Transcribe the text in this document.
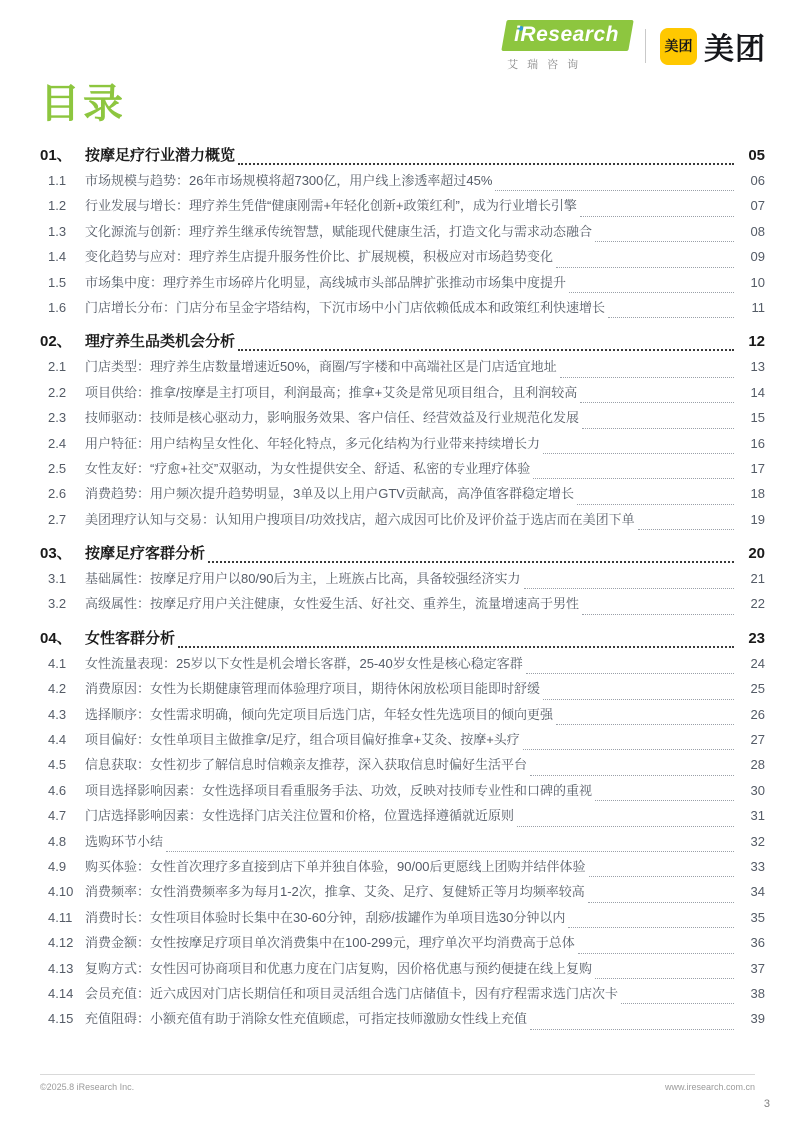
iResearch
艾瑞咨询
美团 美团
目录
01、 按摩足疗行业潜力概览	05
1.1	市场规模与趋势：26年市场规模将超7300亿，用户线上渗透率超过45%	06
1.2	行业发展与增长：理疗养生凭借“健康刚需+年轻化创新+政策红利”，成为行业增长引擎	07
1.3	文化源流与创新：理疗养生继承传统智慧，赋能现代健康生活，打造文化与需求动态融合	08
1.4	变化趋势与应对：理疗养生店提升服务性价比、扩展规模，积极应对市场趋势变化	09
1.5	市场集中度：理疗养生市场碎片化明显，高线城市头部品牌扩张推动市场集中度提升	10
1.6	门店增长分布：门店分布呈金字塔结构，下沉市场中小门店依赖低成本和政策红利快速增长	11
02、 理疗养生品类机会分析	12
2.1	门店类型：理疗养生店数量增速近50%，商圈/写字楼和中高端社区是门店适宜地址	13
2.2	项目供给：推拿/按摩是主打项目，利润最高；推拿+艾灸是常见项目组合，且利润较高	14
2.3	技师驱动：技师是核心驱动力，影响服务效果、客户信任、经营效益及行业规范化发展	15
2.4	用户特征：用户结构呈女性化、年轻化特点，多元化结构为行业带来持续增长力	16
2.5	女性友好：“疗愈+社交”双驱动，为女性提供安全、舒适、私密的专业理疗体验	17
2.6	消费趋势：用户频次提升趋势明显，3单及以上用户GTV贡献高，高净值客群稳定增长	18
2.7	美团理疗认知与交易：认知用户搜项目/功效找店，超六成因可比价及评价益于选店而在美团下单	19
03、 按摩足疗客群分析	20
3.1	基础属性：按摩足疗用户以80/90后为主，上班族占比高，具备较强经济实力	21
3.2	高级属性：按摩足疗用户关注健康，女性爱生活、好社交、重养生，流量增速高于男性	22
04、 女性客群分析	23
4.1	女性流量表现：25岁以下女性是机会增长客群，25-40岁女性是核心稳定客群	24
4.2	消费原因：女性为长期健康管理而体验理疗项目，期待休闲放松项目能即时舒缓	25
4.3	选择顺序：女性需求明确，倾向先定项目后选门店，年轻女性先选项目的倾向更强	26
4.4	项目偏好：女性单项目主做推拿/足疗，组合项目偏好推拿+艾灸、按摩+头疗	27
4.5	信息获取：女性初步了解信息时信赖亲友推荐，深入获取信息时偏好生活平台	28
4.6	项目选择影响因素：女性选择项目看重服务手法、功效，反映对技师专业性和口碑的重视	30
4.7	门店选择影响因素：女性选择门店关注位置和价格，位置选择遵循就近原则	31
4.8	选购环节小结	32
4.9	购买体验：女性首次理疗多直接到店下单并独自体验，90/00后更愿线上团购并结伴体验	33
4.10 消费频率：女性消费频率多为每月1-2次，推拿、艾灸、足疗、复健矫正等月均频率较高	34
4.11 消费时长：女性项目体验时长集中在30-60分钟，刮痧/拔罐作为单项目选30分钟以内	35
4.12 消费金额：女性按摩足疗项目单次消费集中在100-299元，理疗单次平均消费高于总体	36
4.13 复购方式：女性因可协商项目和优惠力度在门店复购，因价格优惠与预约便捷在线上复购	37
4.14 会员充值：近六成因对门店长期信任和项目灵活组合选门店储值卡，因有疗程需求选门店次卡	38
4.15 充值阻碍：小额充值有助于消除女性充值顾虑，可指定技师激励女性线上充值	39
©2025.8 iResearch Inc.	www.iresearch.com.cn
3
